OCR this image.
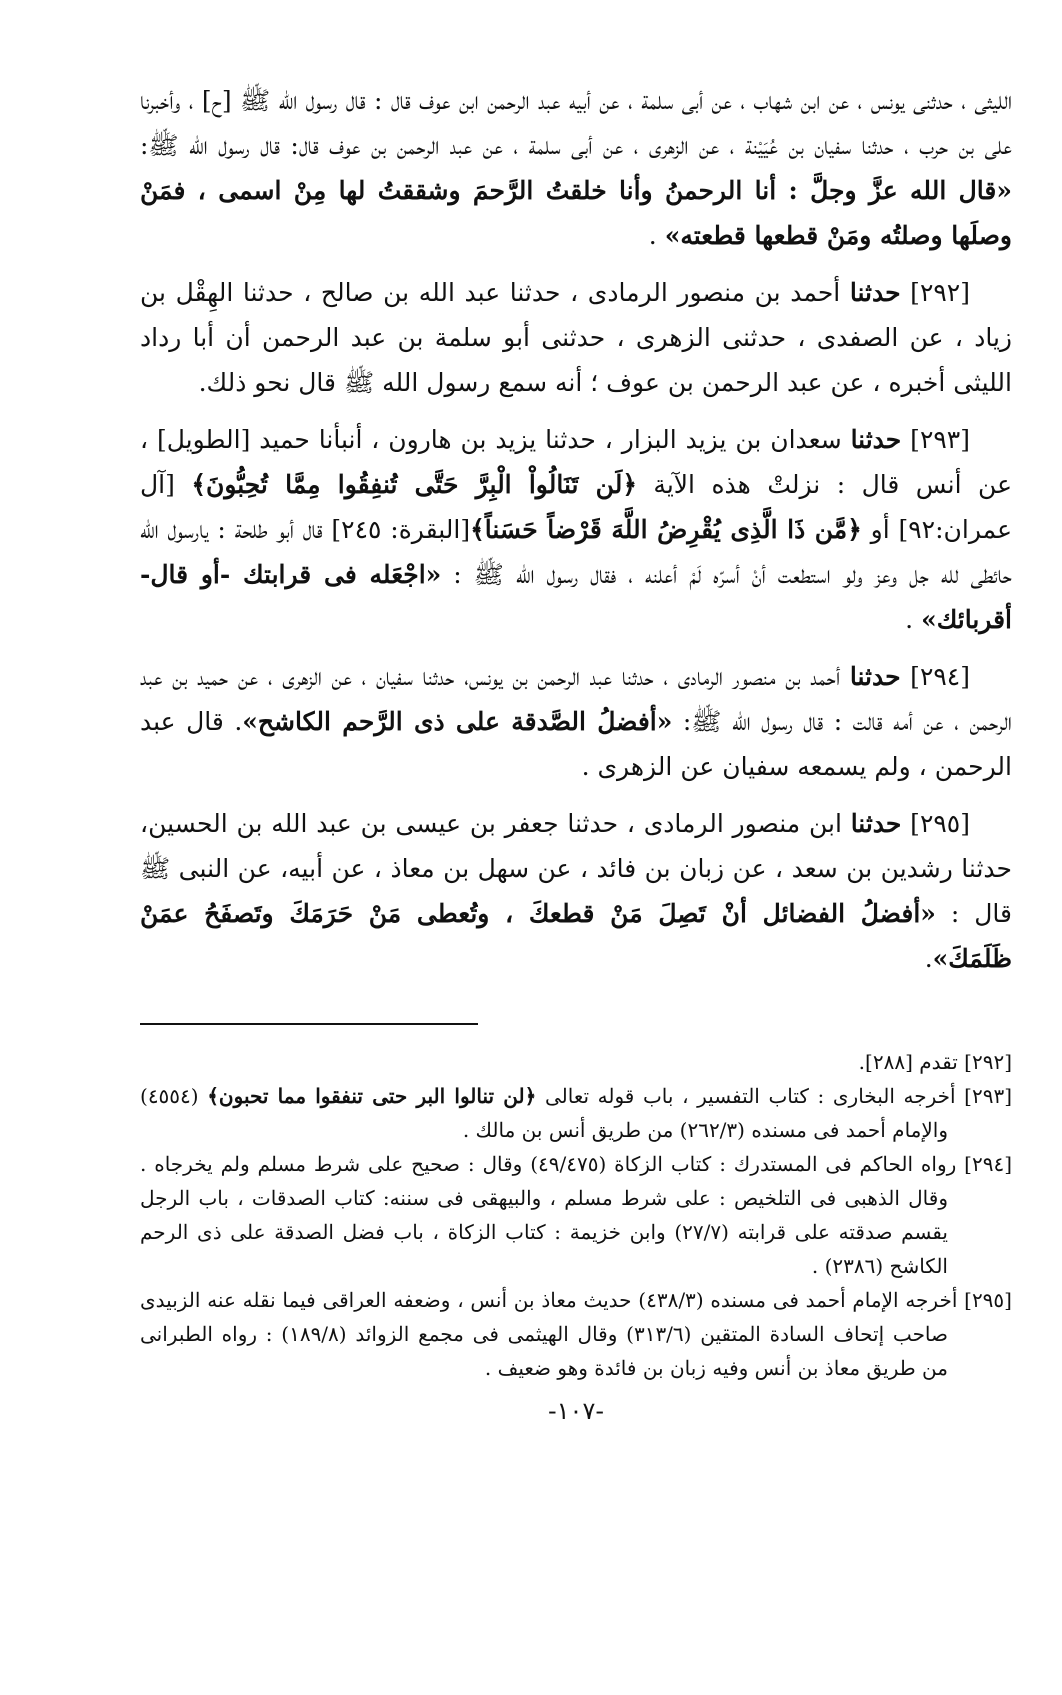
الليثى ، حدثنى يونس ، عن ابن شهاب ، عن أبى سلمة ، عن أبيه عبد الرحمن ابن عوف قال : قال رسول الله ﷺ [ح] ، وأخبرنا على بن حرب ، حدثنا سفيان بن عُيَيْنة ، عن الزهرى ، عن أبى سلمة ، عن عبد الرحمن بن عوف قال: قال رسول الله ﷺ: «قال الله عزَّ وجلَّ : أنا الرحمنُ وأنا خلقتُ الرَّحمَ وشققتُ لها مِنْ اسمى ، فمَنْ وصلَها وصلتُه ومَنْ قطعها قطعته» .

[٢٩٢] حدثنا أحمد بن منصور الرمادى ، حدثنا عبد الله بن صالح ، حدثنا الهِقْل بن زياد ، عن الصفدى ، حدثنى الزهرى ، حدثنى أبو سلمة بن عبد الرحمن أن أبا رداد الليثى أخبره ، عن عبد الرحمن بن عوف ؛ أنه سمع رسول الله ﷺ قال نحو ذلك.

[٢٩٣] حدثنا سعدان بن يزيد البزار ، حدثنا يزيد بن هارون ، أنبأنا حميد [الطويل] ، عن أنس قال : نزلتْ هذه الآية ﴿لَن تَنَالُواْ الْبِرَّ حَتَّى تُنفِقُوا مِمَّا تُحِبُّونَ﴾ [آل عمران:٩٢] أو ﴿مَّن ذَا الَّذِى يُقْرِضُ اللَّهَ قَرْضاً حَسَناً﴾[البقرة: ٢٤٥] قال أبو طلحة : يارسول الله حائطى لله جل وعز ولو استطعت أنْ أسرّه لَمْ أعلنه ، فقال رسول الله ﷺ : «اجْعَله فى قرابتك -أو قال- أقربائك» .

[٢٩٤] حدثنا أحمد بن منصور الرمادى ، حدثنا عبد الرحمن بن يونس، حدثنا سفيان ، عن الزهرى ، عن حميد بن عبد الرحمن ، عن أمه قالت : قال رسول الله ﷺ: «أفضلُ الصَّدقة على ذى الرَّحم الكاشح». قال عبد الرحمن ، ولم يسمعه سفيان عن الزهرى .

[٢٩٥] حدثنا ابن منصور الرمادى ، حدثنا جعفر بن عيسى بن عبد الله بن الحسين، حدثنا رشدين بن سعد ، عن زبان بن فائد ، عن سهل بن معاذ ، عن أبيه، عن النبى ﷺ قال : «أفضلُ الفضائل أنْ تَصِلَ مَنْ قطعكَ ، وتُعطى مَنْ حَرَمَكَ وتَصفَحُ عمَنْ ظَلَمَكَ».

[٢٩٢] تقدم [٢٨٨].

[٢٩٣] أخرجه البخارى : كتاب التفسير ، باب قوله تعالى ﴿لن تنالوا البر حتى تنفقوا مما تحبون﴾ (٤٥٥٤) والإمام أحمد فى مسنده (٢٦٢/٣) من طريق أنس بن مالك .

[٢٩٤] رواه الحاكم فى المستدرك : كتاب الزكاة (٤٩/٤٧٥) وقال : صحيح على شرط مسلم ولم يخرجاه . وقال الذهبى فى التلخيص : على شرط مسلم ، والبيهقى فى سننه: كتاب الصدقات ، باب الرجل يقسم صدقته على قرابته (٢٧/٧) وابن خزيمة : كتاب الزكاة ، باب فضل الصدقة على ذى الرحم الكاشح (٢٣٨٦) .

[٢٩٥] أخرجه الإمام أحمد فى مسنده (٤٣٨/٣) حديث معاذ بن أنس ، وضعفه العراقى فيما نقله عنه الزبيدى صاحب إتحاف السادة المتقين (٣١٣/٦) وقال الهيثمى فى مجمع الزوائد (١٨٩/٨) : رواه الطبرانى من طريق معاذ بن أنس وفيه زبان بن فائدة وهو ضعيف .

-١٠٧-
